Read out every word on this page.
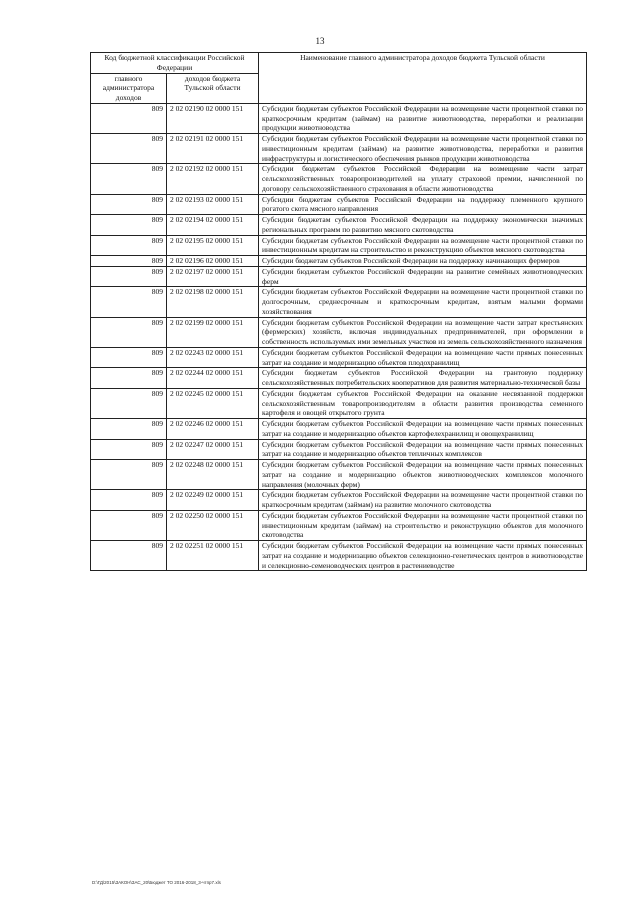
13
Код бюджетной классификации Российской Федерации		Наименование главного администратора доходов бюджета Тульской области
главного администратора доходов	доходов бюджета Тульской области	
809	2 02 02190 02 0000 151	Субсидии бюджетам субъектов Российской Федерации на возмещение части процентной ставки по краткосрочным кредитам (займам) на развитие животноводства, переработки и реализации продукции животноводства
809	2 02 02191 02 0000 151	Субсидии бюджетам субъектов Российской Федерации на возмещение части процентной ставки по инвестиционным кредитам (займам) на развитие животноводства, переработки и развития инфраструктуры и логистического обеспечения рынков продукции животноводства
809	2 02 02192 02 0000 151	Субсидии бюджетам субъектов Российской Федерации на возмещение части затрат сельскохозяйственных товаропроизводителей на уплату страховой премии, начисленной по договору сельскохозяйственного страхования в области животноводства
809	2 02 02193 02 0000 151	Субсидии бюджетам субъектов Российской Федерации на поддержку племенного крупного рогатого скота мясного направления
809	2 02 02194 02 0000 151	Субсидии бюджетам субъектов Российской Федерации на поддержку экономически значимых региональных программ по развитию мясного скотоводства
809	2 02 02195 02 0000 151	Субсидии бюджетам субъектов Российской Федерации на возмещение части процентной ставки по инвестиционным кредитам на строительство и реконструкцию объектов мясного скотоводства
809	2 02 02196 02 0000 151	Субсидии бюджетам субъектов Российской Федерации на поддержку начинающих фермеров
809	2 02 02197 02 0000 151	Субсидии бюджетам субъектов Российской Федерации на развитие семейных животноводческих ферм
809	2 02 02198 02 0000 151	Субсидии бюджетам субъектов Российской Федерации на возмещение части процентной ставки по долгосрочным, среднесрочным и краткосрочным кредитам, взятым малыми формами хозяйствования
809	2 02 02199 02 0000 151	Субсидии бюджетам субъектов Российской Федерации на возмещение части затрат крестьянских (фермерских) хозяйств, включая индивидуальных предпринимателей, при оформлении в собственность используемых ими земельных участков из земель сельскохозяйственного назначения
809	2 02 02243 02 0000 151	Субсидии бюджетам субъектов Российской Федерации на возмещение части прямых понесенных затрат на создание и модернизацию объектов плодохранилищ
809	2 02 02244 02 0000 151	Субсидии бюджетам субъектов Российской Федерации на грантовую поддержку сельскохозяйственных потребительских кооперативов для развития материально-технической базы
809	2 02 02245 02 0000 151	Субсидии бюджетам субъектов Российской Федерации на оказание несвязанной поддержки сельскохозяйственным товаропроизводителям в области развития производства семенного картофеля и овощей открытого грунта
809	2 02 02246 02 0000 151	Субсидии бюджетам субъектов Российской Федерации на возмещение части прямых понесенных затрат на создание и модернизацию объектов картофелехранилищ и овощехранилищ
809	2 02 02247 02 0000 151	Субсидии бюджетам субъектов Российской Федерации на возмещение части прямых понесенных затрат на создание и модернизацию объектов тепличных комплексов
809	2 02 02248 02 0000 151	Субсидии бюджетам субъектов Российской Федерации на возмещение части прямых понесенных затрат на создание и модернизацию объектов животноводческих комплексов молочного направления (молочных ферм)
809	2 02 02249 02 0000 151	Субсидии бюджетам субъектов Российской Федерации на возмещение части процентной ставки по краткосрочным кредитам (займам) на развитие молочного скотоводства
809	2 02 02250 02 0000 151	Субсидии бюджетам субъектов Российской Федерации на возмещение части процентной ставки по инвестиционным кредитам (займам) на строительство и реконструкцию объектов для молочного скотоводства
809	2 02 02251 02 0000 151	Субсидии бюджетам субъектов Российской Федерации на возмещение части прямых понесенных затрат на создание и модернизацию объектов селекционно-генетических центров в животноводстве и селекционно-семеноводческих центров в растениеводстве
D:\ГД\2015\ЗАКОН\ЗАС_20\Бюджет ТО 2016-2018_3-чтпр7.xls
